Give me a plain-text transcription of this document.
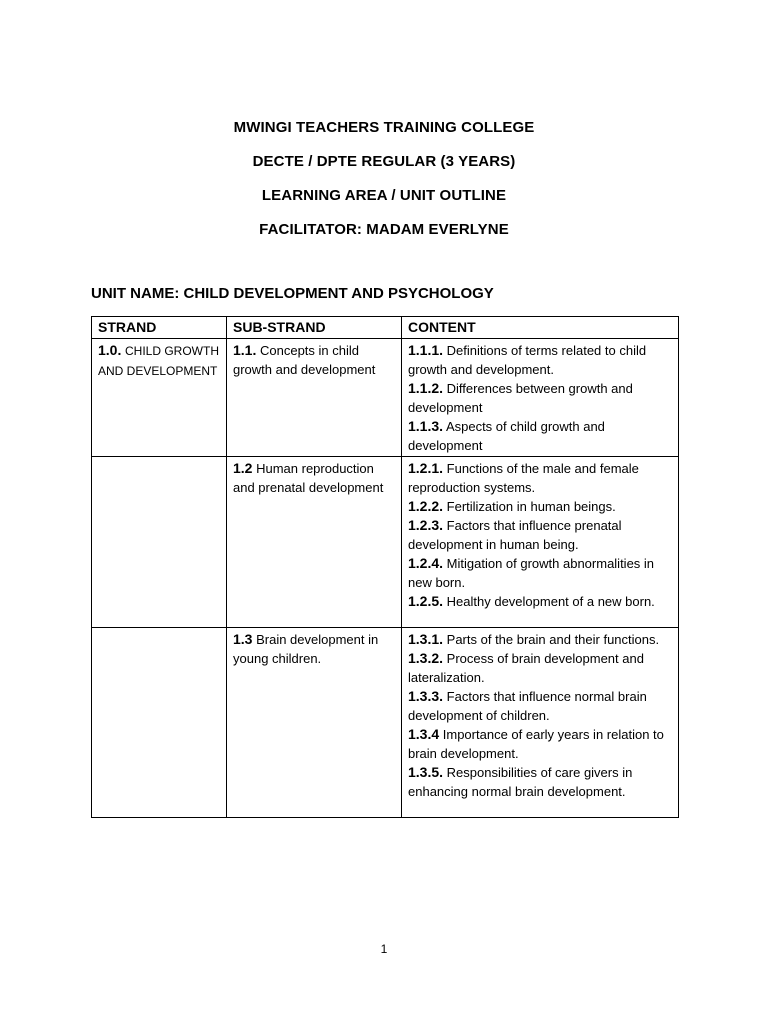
MWINGI TEACHERS TRAINING COLLEGE
DECTE / DPTE REGULAR (3 YEARS)
LEARNING AREA / UNIT OUTLINE
FACILITATOR: MADAM EVERLYNE
UNIT NAME: CHILD DEVELOPMENT AND PSYCHOLOGY
STRAND	SUB-STRAND	CONTENT
1.0. CHILD GROWTH AND DEVELOPMENT	1.1. Concepts in child growth and development	1.1.1. Definitions of terms related to child growth and development.
1.1.2. Differences between growth and development
1.1.3. Aspects of child growth and development

	1.2 Human reproduction and prenatal development	1.2.1. Functions of the male and female reproduction systems.
1.2.2. Fertilization in human beings.
1.2.3. Factors that influence prenatal development in human being.
1.2.4. Mitigation of growth abnormalities in new born.
1.2.5. Healthy development of a new born.

	1.3 Brain development in young children.	1.3.1. Parts of the brain and their functions.
1.3.2. Process of brain development and lateralization.
1.3.3. Factors that influence normal brain development of children.
1.3.4 Importance of early years in relation to brain development.
1.3.5. Responsibilities of care givers in enhancing normal brain development.
1
